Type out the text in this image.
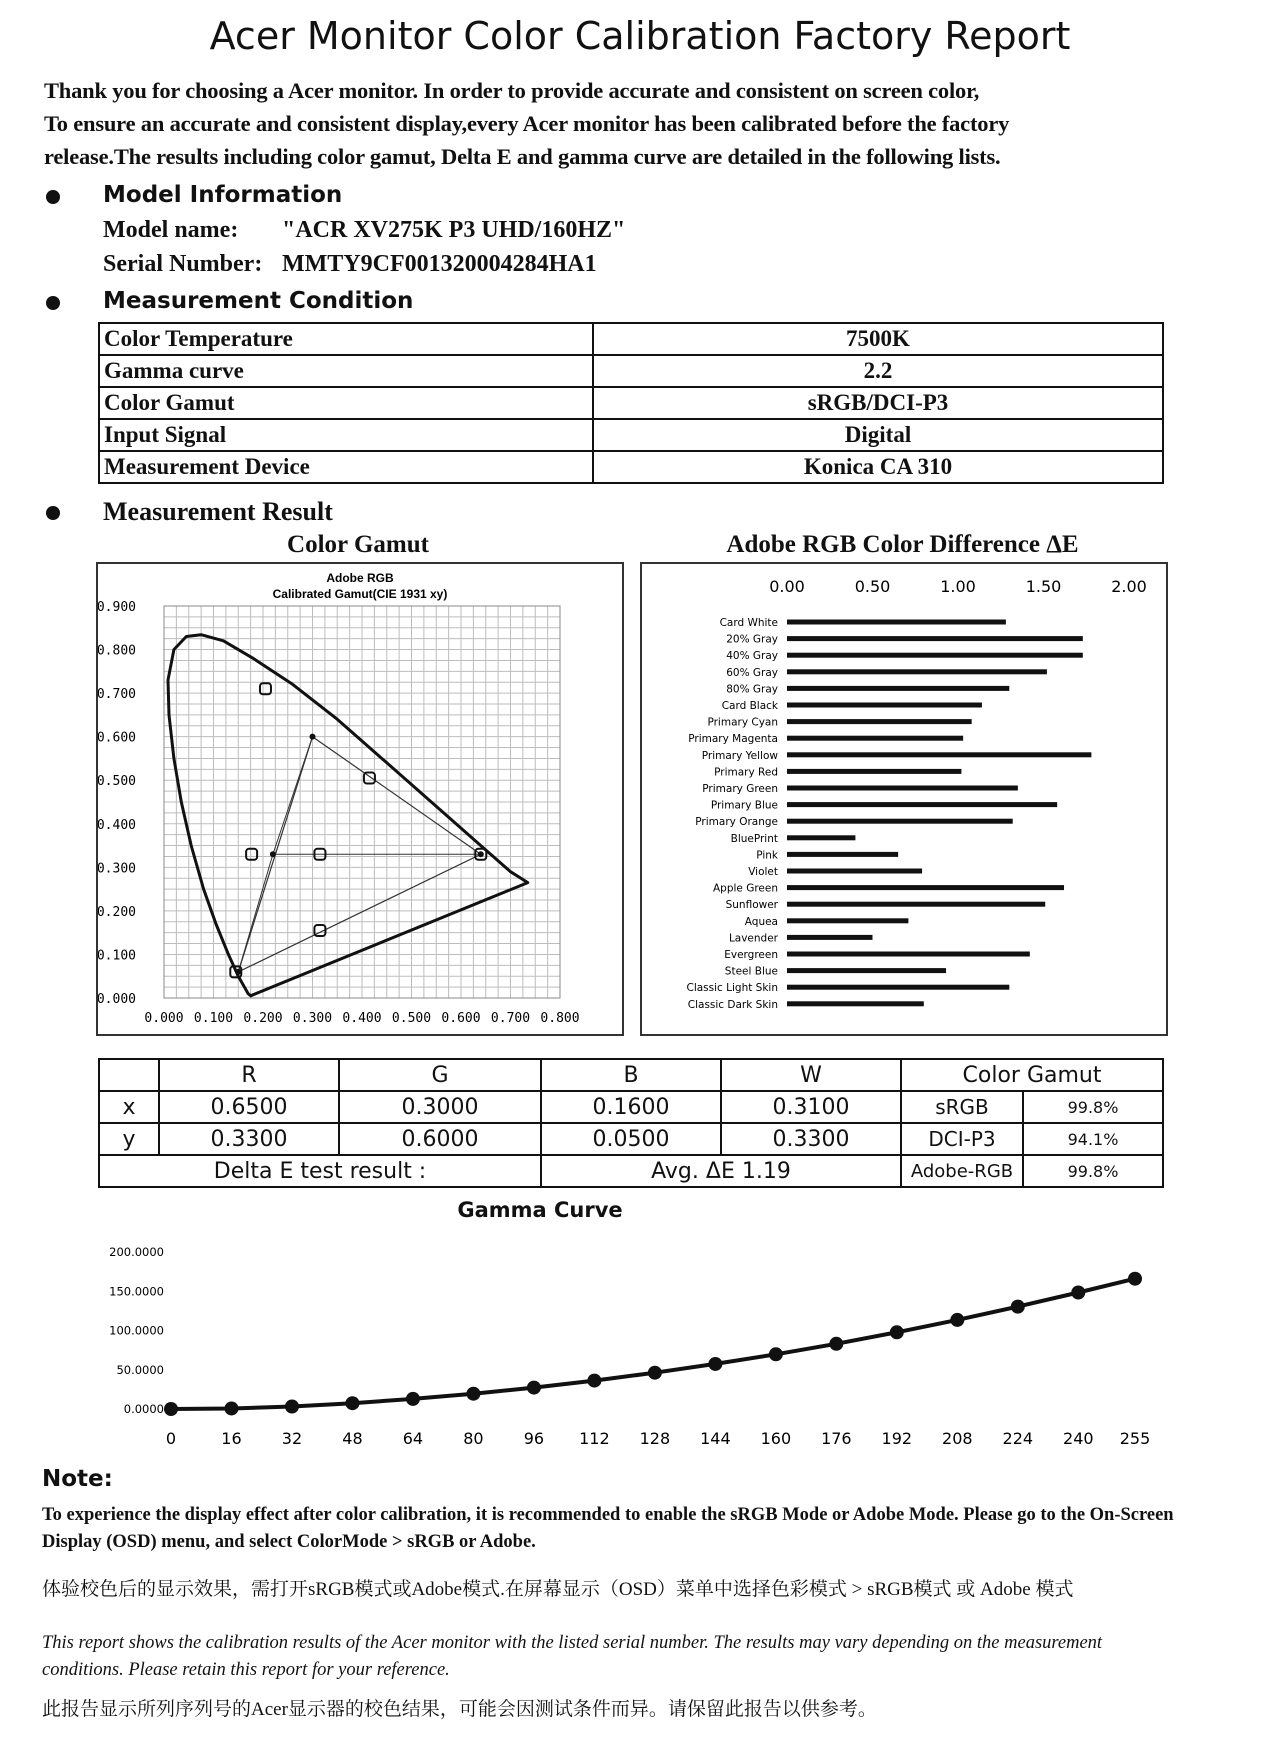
Acer Monitor Color Calibration Factory Report
Thank you for choosing a Acer monitor. In order to provide accurate and consistent on screen color,
To ensure an accurate and consistent display,every Acer monitor has been calibrated before the factory
release.The results including color gamut, Delta E and gamma curve are detailed in the following lists.
Model Information
Model name: "ACR XV275K P3 UHD/160HZ"
Serial Number: MMTY9CF001320004284HA1
Measurement Condition
Color Temperature	7500K
Gamma curve	2.2
Color Gamut	sRGB/DCI-P3
Input Signal	Digital
Measurement Device	Konica CA 310
Measurement Result
Color Gamut	Adobe RGB Color Difference ΔE
Adobe RGB
Calibrated Gamut(CIE 1931 xy)
0.000 0.100 0.200 0.300 0.400 0.500 0.600 0.700 0.800
0.900
0.800
0.700
0.600
0.500
0.400
0.300
0.200
0.100
0.000
0.00	0.50	1.00	1.50	2.00
Card White
20% Gray
40% Gray
60% Gray
80% Gray
Card Black
Primary Cyan
Primary Magenta
Primary Yellow
Primary Red
Primary Green
Primary Blue
Primary Orange
BluePrint
Pink
Violet
Apple Green
Sunflower
Aquea
Lavender
Evergreen
Steel Blue
Classic Light Skin
Classic Dark Skin
	R	G	B	W	Color Gamut	
x	0.6500	0.3000	0.1600	0.3100	sRGB	99.8%
y	0.3300	0.6000	0.0500	0.3300	DCI-P3	94.1%
Delta E test result :			Avg. ΔE 1.19		Adobe-RGB	99.8%
Gamma Curve
200.0000
150.0000
100.0000
50.0000
0.0000
0	16	32	48	64	80	96 112 128 144 160 176 192 208 224 240 255
Note:
To experience the display effect after color calibration, it is recommended to enable the sRGB Mode or Adobe Mode. Please go to the On-Screen
Display (OSD) menu, and select ColorMode > sRGB or Adobe.
体验校色后的显示效果，需打开sRGB模式或Adobe模式.在屏幕显示（OSD）菜单中选择色彩模式 > sRGB模式 或 Adobe 模式
This report shows the calibration results of the Acer monitor with the listed serial number. The results may vary depending on the measurement
conditions. Please retain this report for your reference.
此报告显示所列序列号的Acer显示器的校色结果，可能会因测试条件而异。请保留此报告以供参考。
